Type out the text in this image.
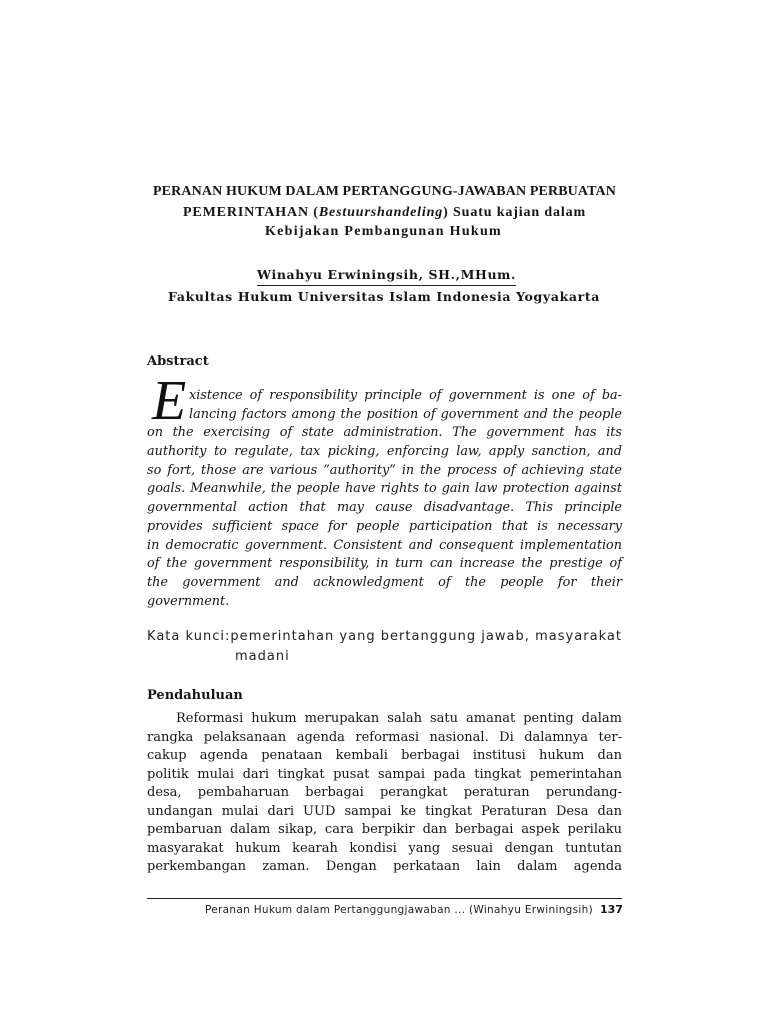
PERANAN HUKUM DALAM PERTANGGUNG-JAWABAN PERBUATAN
PEMERINTAHAN (Bestuurshandeling) Suatu kajian dalam
Kebijakan Pembangunan Hukum
Winahyu Erwiningsih, SH.,MHum.
Fakultas Hukum Universitas Islam Indonesia Yogyakarta
Abstract
E xistence of responsibility principle of government is one of ba-
lancing factors among the position of government and the people
on the exercising of state administration. The government has its
authority to regulate, tax picking, enforcing law, apply sanction, and
so fort, those are various ”authority” in the process of achieving state
goals. Meanwhile, the people have rights to gain law protection against
governmental action that may cause disadvantage. This principle
provides sufficient space for people participation that is necessary
in democratic government. Consistent and consequent implementation
of the government responsibility, in turn can increase the prestige of
the government and acknowledgment of the people for their
government.
Kata kunci:pemerintahan yang bertanggung jawab, masyarakat
madani
Pendahuluan
Reformasi hukum merupakan salah satu amanat penting dalam
rangka pelaksanaan agenda reformasi nasional. Di dalamnya ter-
cakup agenda penataan kembali berbagai institusi hukum dan
politik mulai dari tingkat pusat sampai pada tingkat pemerintahan
desa, pembaharuan berbagai perangkat peraturan perundang-
undangan mulai dari UUD sampai ke tingkat Peraturan Desa dan
pembaruan dalam sikap, cara berpikir dan berbagai aspek perilaku
masyarakat hukum kearah kondisi yang sesuai dengan tuntutan
perkembangan zaman. Dengan perkataan lain dalam agenda
Peranan Hukum dalam Pertanggungjawaban ... (Winahyu Erwiningsih) 137
